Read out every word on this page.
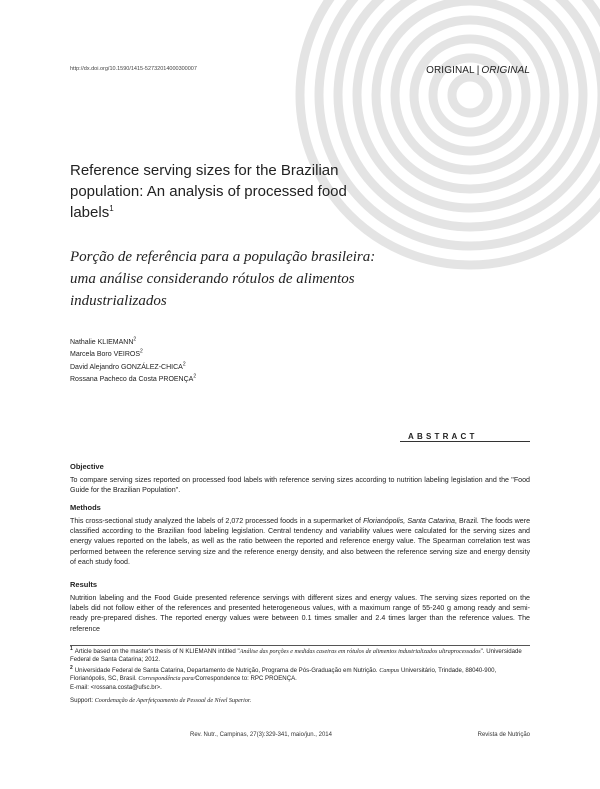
http://dx.doi.org/10.1590/1415-52732014000300007	ORIGINAL | ORIGINAL
Reference serving sizes for the Brazilian population: An analysis of processed food labels$^1$
Porção de referência para a população brasileira: uma análise considerando rótulos de alimentos industrializados
Nathalie KLIEMANN$^2$
Marcela Boro VEIROS$^2$
David Alejandro GONZÁLEZ-CHICA$^2$
Rossana Pacheco da Costa PROENÇA$^2$
ABSTRACT
Objective
To compare serving sizes reported on processed food labels with reference serving sizes according to nutrition labeling legislation and the "Food Guide for the Brazilian Population".
Methods
This cross-sectional study analyzed the labels of 2,072 processed foods in a supermarket of Florianópolis, Santa Catarina, Brazil. The foods were classified according to the Brazilian food labeling legislation. Central tendency and variability values were calculated for the serving sizes and energy values reported on the labels, as well as the ratio between the reported and reference energy value. The Spearman correlation test was performed between the reference serving size and the reference energy density, and also between the reference serving size and energy density of each study food.
Results
Nutrition labeling and the Food Guide presented reference servings with different sizes and energy values. The serving sizes reported on the labels did not follow either of the references and presented heterogeneous values, with a maximum range of 55-240 g among ready and semi-ready pre-prepared dishes. The reported energy values were between 0.1 times smaller and 2.4 times larger than the reference values. The reference
$^1$ Article based on the master's thesis of N KLIEMANN intitled "Análise das porções e medidas caseiras em rótulos de alimentos industrializados ultraprocessados". Universidade Federal de Santa Catarina; 2012.
$^2$ Universidade Federal de Santa Catarina, Departamento de Nutrição, Programa de Pós-Graduação em Nutrição. Campus Universitário, Trindade, 88040-900, Florianópolis, SC, Brasil. Correspondência para/Correspondence to: RPC PROENÇA.
E-mail: <rossana.costa@ufsc.br>.
Support: Coordenação de Aperfeiçoamento de Pessoal de Nível Superior.
Rev. Nutr., Campinas, 27(3):329-341, maio/jun., 2014	Revista de Nutrição
